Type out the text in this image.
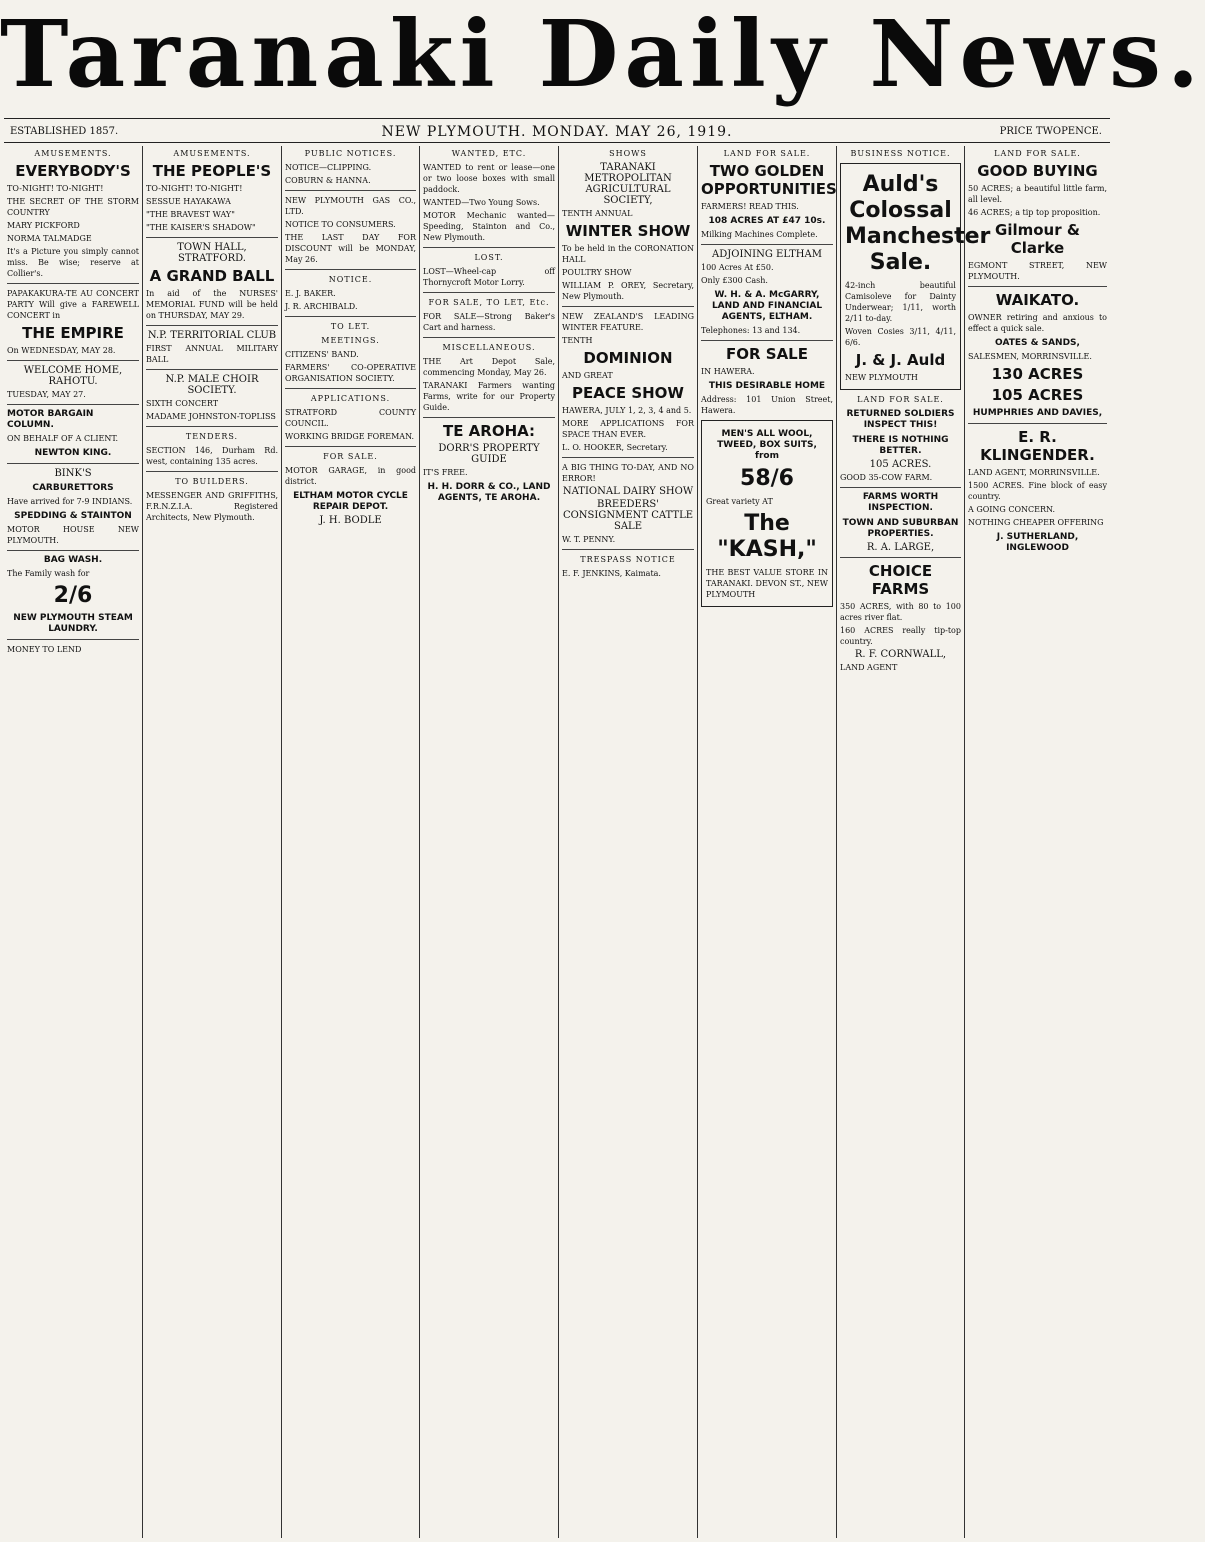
Taranaki Daily News.
ESTABLISHED 1857.	NEW PLYMOUTH. MONDAY. MAY 26, 1919.	PRICE TWOPENCE.
AMUSEMENTS.
EVERYBODY'S

TO-NIGHT! TO-NIGHT!

THE SECRET OF THE STORM COUNTRY

MARY PICKFORD

NORMA TALMADGE

It's a Picture you simply cannot miss. Be wise; reserve at Collier's.

PAPAKAKURA-TE AU CONCERT PARTY Will give a FAREWELL CONCERT in

THE EMPIRE

On WEDNESDAY, MAY 28.

WELCOME HOME, RAHOTU.

TUESDAY, MAY 27.

MOTOR BARGAIN COLUMN.

ON BEHALF OF A CLIENT.

NEWTON KING.
BINK'S
CARBURETTORS

Have arrived for 7-9 INDIANS.

SPEDDING & STAINTON

MOTOR HOUSE NEW PLYMOUTH.

BAG WASH.

The Family wash for

2/6
NEW PLYMOUTH STEAM LAUNDRY.

MONEY TO LEND

AMUSEMENTS.
THE PEOPLE'S

TO-NIGHT! TO-NIGHT!

SESSUE HAYAKAWA

"THE BRAVEST WAY"

"THE KAISER'S SHADOW"

TOWN HALL, STRATFORD.
A GRAND BALL

In aid of the NURSES' MEMORIAL FUND will be held on THURSDAY, MAY 29.

N.P. TERRITORIAL CLUB

FIRST ANNUAL MILITARY BALL

N.P. MALE CHOIR SOCIETY.

SIXTH CONCERT

MADAME JOHNSTON-TOPLISS

TENDERS.

SECTION 146, Durham Rd. west, containing 135 acres.

TO BUILDERS.

MESSENGER AND GRIFFITHS, F.R.N.Z.I.A. Registered Architects, New Plymouth.

PUBLIC NOTICES.

NOTICE—CLIPPING.

COBURN & HANNA.

NEW PLYMOUTH GAS CO., LTD.

NOTICE TO CONSUMERS.

THE LAST DAY FOR DISCOUNT will be MONDAY, May 26.

NOTICE.

E. J. BAKER.

J. R. ARCHIBALD.

TO LET.
MEETINGS.

CITIZENS' BAND.

FARMERS' CO-OPERATIVE ORGANISATION SOCIETY.

APPLICATIONS.

STRATFORD COUNTY COUNCIL.

WORKING BRIDGE FOREMAN.

FOR SALE.

MOTOR GARAGE, in good district.

ELTHAM MOTOR CYCLE REPAIR DEPOT.
J. H. BODLE
WANTED, ETC.

WANTED to rent or lease—one or two loose boxes with small paddock.

WANTED—Two Young Sows.

MOTOR Mechanic wanted—Speeding, Stainton and Co., New Plymouth.

LOST.

LOST—Wheel-cap off Thornycroft Motor Lorry.

FOR SALE, TO LET, Etc.

FOR SALE—Strong Baker's Cart and harness.

MISCELLANEOUS.

THE Art Depot Sale, commencing Monday, May 26.

TARANAKI Farmers wanting Farms, write for our Property Guide.

TE AROHA:
DORR'S PROPERTY GUIDE

IT'S FREE.

H. H. DORR & CO., LAND AGENTS, TE AROHA.
SHOWS
TARANAKI METROPOLITAN AGRICULTURAL SOCIETY,

TENTH ANNUAL

WINTER SHOW

To be held in the CORONATION HALL

POULTRY SHOW

WILLIAM P. OREY, Secretary, New Plymouth.

NEW ZEALAND'S LEADING WINTER FEATURE.

TENTH

DOMINION

AND GREAT

PEACE SHOW

HAWERA, JULY 1, 2, 3, 4 and 5.

MORE APPLICATIONS FOR SPACE THAN EVER.

L. O. HOOKER, Secretary.

A BIG THING TO-DAY, AND NO ERROR!

NATIONAL DAIRY SHOW
BREEDERS' CONSIGNMENT CATTLE SALE

W. T. PENNY.

TRESPASS NOTICE

E. F. JENKINS, Kaimata.

LAND FOR SALE.
TWO GOLDEN OPPORTUNITIES

FARMERS! READ THIS.

108 ACRES AT £47 10s.

Milking Machines Complete.

ADJOINING ELTHAM

100 Acres At £50.

Only £300 Cash.

W. H. & A. McGARRY, LAND AND FINANCIAL AGENTS, ELTHAM.

Telephones: 13 and 134.

FOR SALE

IN HAWERA.

THIS DESIRABLE HOME

Address: 101 Union Street, Hawera.

MEN'S ALL WOOL, TWEED, BOX SUITS, from
58/6

Great variety AT

The "KASH,"

THE BEST VALUE STORE IN TARANAKI. DEVON ST., NEW PLYMOUTH

BUSINESS NOTICE.
Auld's Colossal Manchester Sale.

42-inch beautiful Camisoleve for Dainty Underwear; 1/11, worth 2/11 to-day.

Woven Cosies 3/11, 4/11, 6/6.

J. & J. Auld

NEW PLYMOUTH

LAND FOR SALE.
RETURNED SOLDIERS INSPECT THIS!
THERE IS NOTHING BETTER.
105 ACRES.

GOOD 35-COW FARM.

FARMS WORTH INSPECTION.
TOWN AND SUBURBAN PROPERTIES.
R. A. LARGE,
CHOICE FARMS

350 ACRES, with 80 to 100 acres river flat.

160 ACRES really tip-top country.

R. F. CORNWALL,

LAND AGENT

LAND FOR SALE.
GOOD BUYING

50 ACRES; a beautiful little farm, all level.

46 ACRES; a tip top proposition.

Gilmour & Clarke

EGMONT STREET, NEW PLYMOUTH.

WAIKATO.

OWNER retiring and anxious to effect a quick sale.

OATES & SANDS,

SALESMEN, MORRINSVILLE.

130 ACRES
105 ACRES
HUMPHRIES AND DAVIES,
E. R. KLINGENDER.

LAND AGENT, MORRINSVILLE.

1500 ACRES. Fine block of easy country.

A GOING CONCERN.

NOTHING CHEAPER OFFERING

J. SUTHERLAND, INGLEWOOD
